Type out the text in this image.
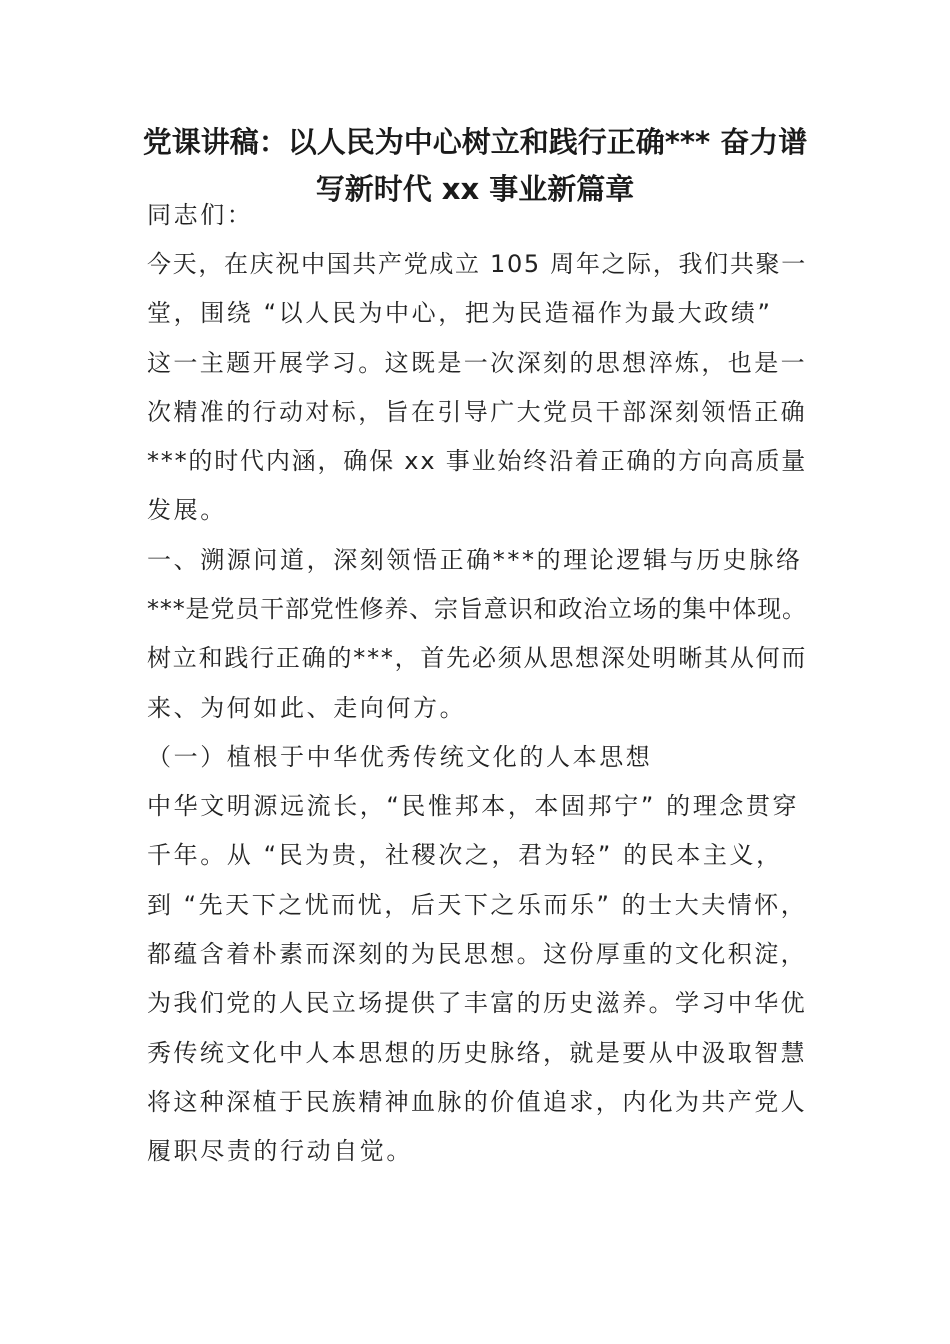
党课讲稿：以人民为中心树立和践行正确*** 奋力谱
写新时代 xx 事业新篇章
同志们：
今天，在庆祝中国共产党成立 105 周年之际，我们共聚一
堂，围绕 “以人民为中心，把为民造福作为最大政绩”
这一主题开展学习。这既是一次深刻的思想淬炼，也是一
次精准的行动对标，旨在引导广大党员干部深刻领悟正确
***的时代内涵，确保 xx 事业始终沿着正确的方向高质量
发展。
一、溯源问道，深刻领悟正确***的理论逻辑与历史脉络
***是党员干部党性修养、宗旨意识和政治立场的集中体现。
树立和践行正确的***，首先必须从思想深处明晰其从何而
来、为何如此、走向何方。
（一）植根于中华优秀传统文化的人本思想
中华文明源远流长，“民惟邦本，本固邦宁” 的理念贯穿
千年。从 “民为贵，社稷次之，君为轻” 的民本主义，
到 “先天下之忧而忧，后天下之乐而乐” 的士大夫情怀，
都蕴含着朴素而深刻的为民思想。这份厚重的文化积淀，
为我们党的人民立场提供了丰富的历史滋养。学习中华优
秀传统文化中人本思想的历史脉络，就是要从中汲取智慧
将这种深植于民族精神血脉的价值追求，内化为共产党人
履职尽责的行动自觉。
